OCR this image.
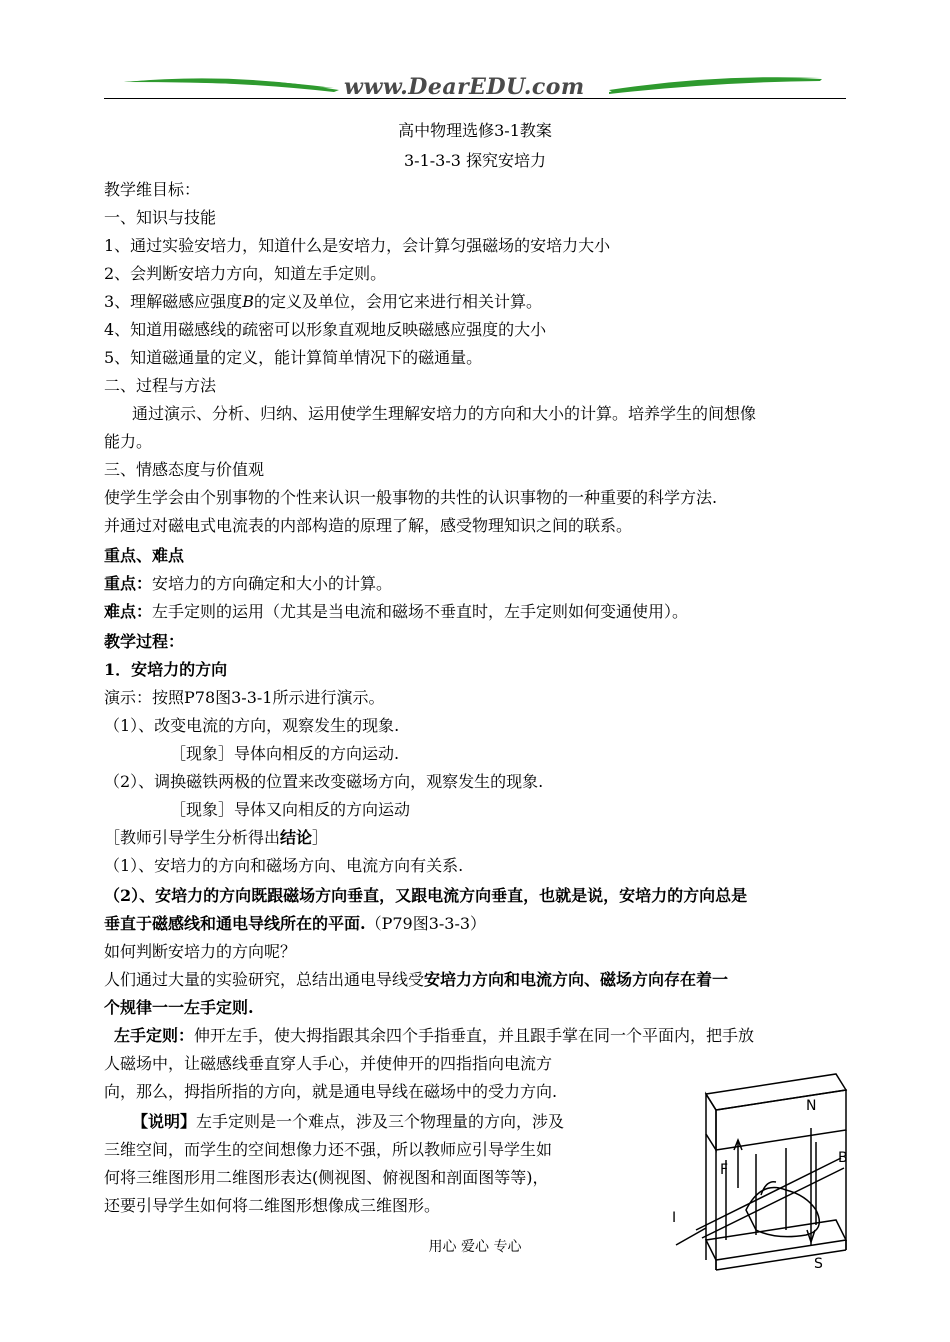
www.DearEDU.com
高中物理选修3-1教案
3-1-3-3 探究安培力
教学维目标：
一、知识与技能
1、通过实验安培力，知道什么是安培力，会计算匀强磁场的安培力大小
2、会判断安培力方向，知道左手定则。
3、理解磁感应强度B的定义及单位，会用它来进行相关计算。
4、知道用磁感线的疏密可以形象直观地反映磁感应强度的大小
5、知道磁通量的定义，能计算简单情况下的磁通量。
二、过程与方法
通过演示、分析、归纳、运用使学生理解安培力的方向和大小的计算。培养学生的间想像
能力。
三、情感态度与价值观
使学生学会由个别事物的个性来认识一般事物的共性的认识事物的一种重要的科学方法.
并通过对磁电式电流表的内部构造的原理了解，感受物理知识之间的联系。
重点、难点
重点：安培力的方向确定和大小的计算。
难点：左手定则的运用（尤其是当电流和磁场不垂直时，左手定则如何变通使用）。
教学过程：
1．安培力的方向
演示：按照P78图3-3-1所示进行演示。
（1）、改变电流的方向，观察发生的现象.
［现象］导体向相反的方向运动.
（2）、调换磁铁两极的位置来改变磁场方向，观察发生的现象.
［现象］导体又向相反的方向运动
［教师引导学生分析得出结论］
（1）、安培力的方向和磁场方向、电流方向有关系.
（2）、安培力的方向既跟磁场方向垂直，又跟电流方向垂直，也就是说，安培力的方向总是
垂直于磁感线和通电导线所在的平面.（P79图3-3-3）
如何判断安培力的方向呢？
人们通过大量的实验研究，总结出通电导线受安培力方向和电流方向、磁场方向存在着一
个规律一一左手定则.
左手定则：伸开左手，使大拇指跟其余四个手指垂直，并且跟手掌在同一个平面内，把手放
人磁场中，让磁感线垂直穿人手心，并使伸开的四指指向电流方
向，那么，拇指所指的方向，就是通电导线在磁场中的受力方向.
【说明】左手定则是一个难点，涉及三个物理量的方向，涉及
三维空间，而学生的空间想像力还不强，所以教师应引导学生如
何将三维图形用二维图形表达(侧视图、俯视图和剖面图等等)，
还要引导学生如何将二维图形想像成三维图形。
N
S
F
B
I
用心 爱心 专心
